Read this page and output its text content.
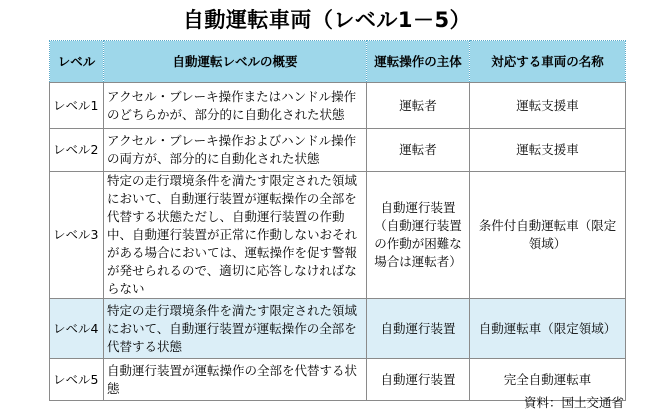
自動運転車両（レベル1－5）
レベル	自動運転レベルの概要	運転操作の主体	対応する車両の名称
レベル1	アクセル・ブレーキ操作またはハンドル操作のどちらかが、部分的に自動化された状態	運転者	運転支援車
レベル2	アクセル・ブレーキ操作およびハンドル操作の両方が、部分的に自動化された状態	運転者	運転支援車
レベル3	特定の走行環境条件を満たす限定された領域において、自動運行装置が運転操作の全部を代替する状態ただし、自動運行装置の作動中、自動運行装置が正常に作動しないおそれがある場合においては、運転操作を促す警報が発せられるので、適切に応答しなければならない	自動運行装置（自動運行装置の作動が困難な場合は運転者）	条件付自動運転車（限定領域）
レベル4	特定の走行環境条件を満たす限定された領域において、自動運行装置が運転操作の全部を代替する状態	自動運行装置	自動運転車（限定領域）
レベル5	自動運行装置が運転操作の全部を代替する状態	自動運行装置	完全自動運転車
資料：国土交通省
